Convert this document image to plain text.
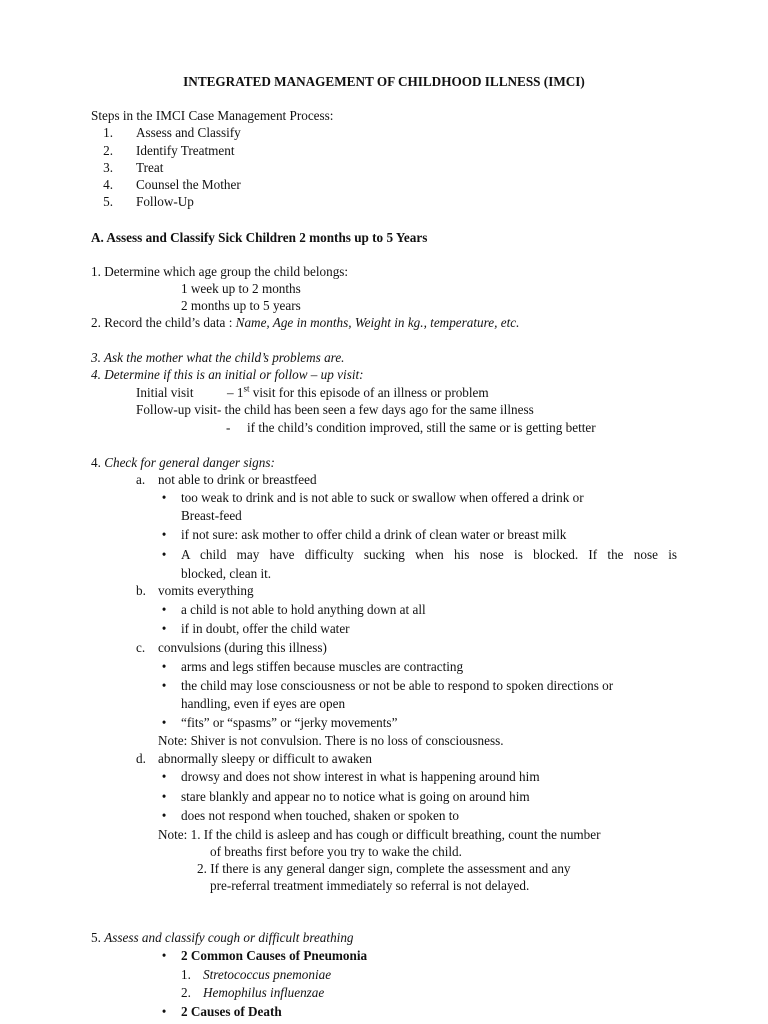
INTEGRATED MANAGEMENT OF CHILDHOOD ILLNESS (IMCI)
Steps in the IMCI Case Management Process:
1. Assess and Classify
2. Identify Treatment
3. Treat
4. Counsel the Mother
5. Follow-Up
A. Assess and Classify Sick Children 2 months up to 5 Years
1. Determine which age group the child belongs:
1 week up to 2 months
2 months up to 5 years
2. Record the child’s data : Name, Age in months, Weight in kg., temperature, etc.
3. Ask the mother what the child’s problems are.
4. Determine if this is an initial or follow – up visit:
Initial visit	– 1st visit for this episode of an illness or problem
Follow-up visit- the child has been seen a few days ago for the same illness
- if the child’s condition improved, still the same or is getting better
4. Check for general danger signs:
a. not able to drink or breastfeed
• too weak to drink and is not able to suck or swallow when offered a drink or
Breast-feed
• if not sure: ask mother to offer child a drink of clean water or breast milk
• A child may have difficulty sucking when his nose is blocked. If the nose is
blocked, clean it.
b. vomits everything
• a child is not able to hold anything down at all
• if in doubt, offer the child water
c. convulsions (during this illness)
• arms and legs stiffen because muscles are contracting
• the child may lose consciousness or not be able to respond to spoken directions or
handling, even if eyes are open
• “fits” or “spasms” or “jerky movements”
Note: Shiver is not convulsion. There is no loss of consciousness.
d. abnormally sleepy or difficult to awaken
• drowsy and does not show interest in what is happening around him
• stare blankly and appear no to notice what is going on around him
• does not respond when touched, shaken or spoken to
Note: 1. If the child is asleep and has cough or difficult breathing, count the number
of breaths first before you try to wake the child.
2. If there is any general danger sign, complete the assessment and any
pre-referral treatment immediately so referral is not delayed.
5. Assess and classify cough or difficult breathing
• 2 Common Causes of Pneumonia
1. Stretococcus pnemoniae
2. Hemophilus influenzae
• 2 Causes of Death
